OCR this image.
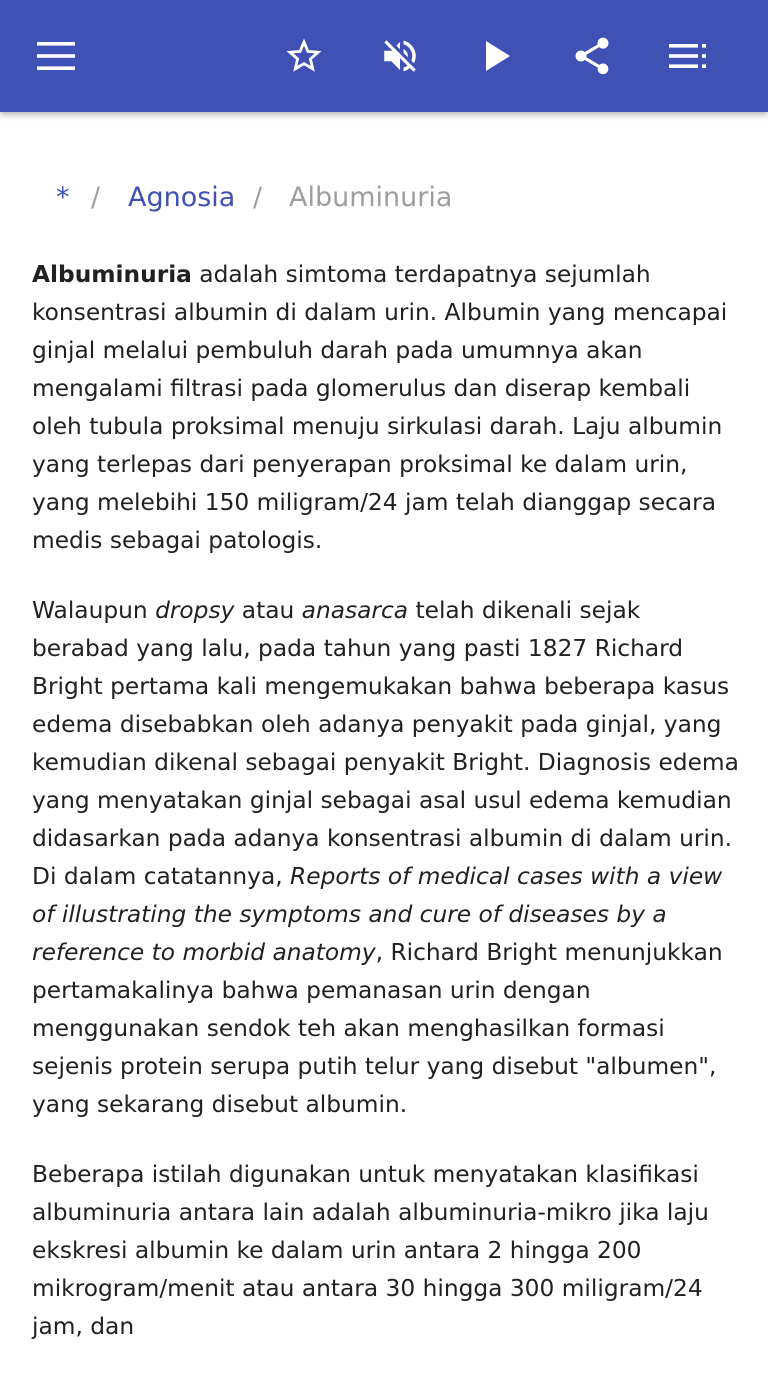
* / Agnosia / Albuminuria

Albuminuria adalah simtoma terdapatnya sejumlah konsentrasi albumin di dalam urin. Albumin yang mencapai ginjal melalui pembuluh darah pada umumnya akan mengalami filtrasi pada glomerulus dan diserap kembali oleh tubula proksimal menuju sirkulasi darah. Laju albumin yang terlepas dari penyerapan proksimal ke dalam urin, yang melebihi 150 miligram/24 jam telah dianggap secara medis sebagai patologis.

Walaupun dropsy atau anasarca telah dikenali sejak berabad yang lalu, pada tahun yang pasti 1827 Richard Bright pertama kali mengemukakan bahwa beberapa kasus edema disebabkan oleh adanya penyakit pada ginjal, yang kemudian dikenal sebagai penyakit Bright. Diagnosis edema yang menyatakan ginjal sebagai asal usul edema kemudian didasarkan pada adanya konsentrasi albumin di dalam urin. Di dalam catatannya, Reports of medical cases with a view of illustrating the symptoms and cure of diseases by a reference to morbid anatomy, Richard Bright menunjukkan pertamakalinya bahwa pemanasan urin dengan menggunakan sendok teh akan menghasilkan formasi sejenis protein serupa putih telur yang disebut "albumen", yang sekarang disebut albumin.

Beberapa istilah digunakan untuk menyatakan klasifikasi albuminuria antara lain adalah albuminuria-mikro jika laju ekskresi albumin ke dalam urin antara 2 hingga 200 mikrogram/menit atau antara 30 hingga 300 miligram/24 jam, dan
